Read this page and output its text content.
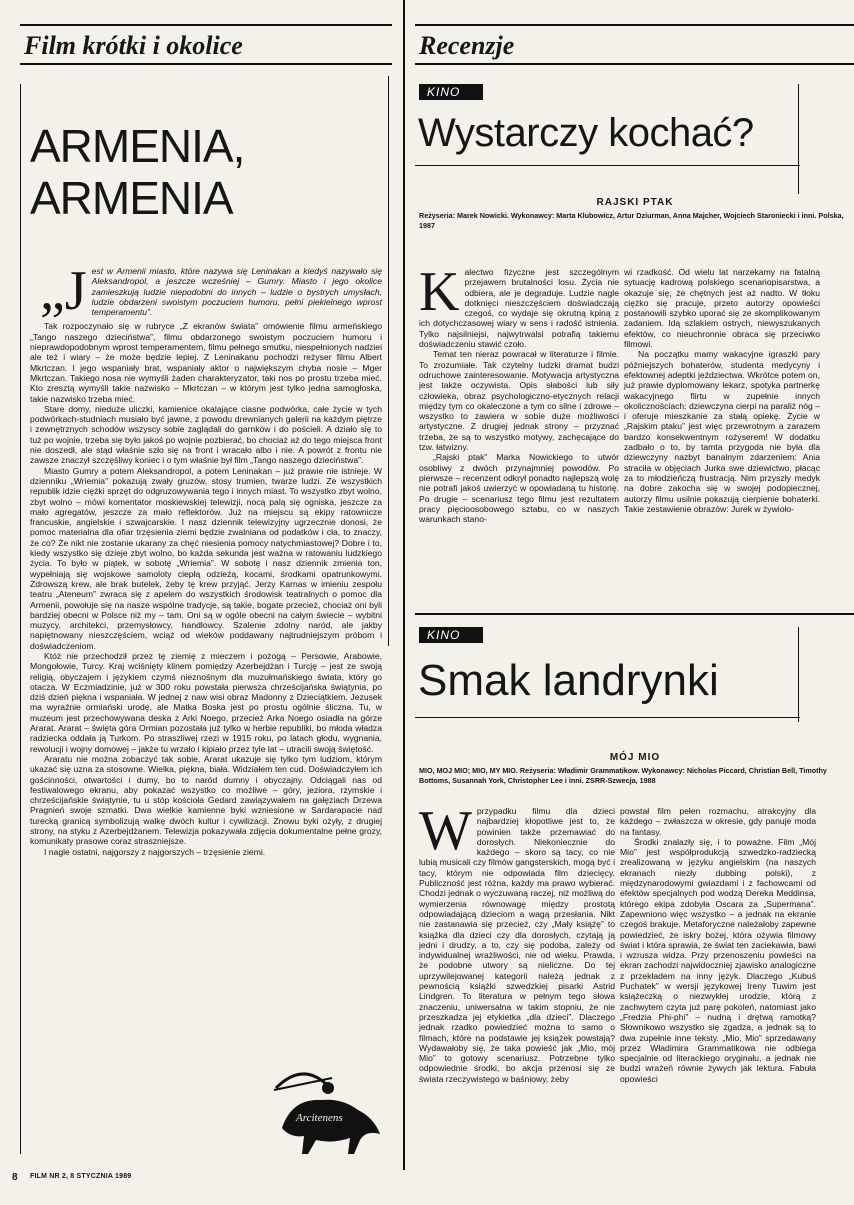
Film krótki i okolice	Recenzje
ARMENIA,
ARMENIA
„J est w Armenii miasto, które nazywa się Leninakan a kiedyś nazywało się Aleksandropol, a jeszcze wcześniej – Gumry. Miasto i jego okolice zamieszkują ludzie niepodobni do innych – ludzie o bystrych umysłach, ludzie obdarzeni swoistym poczuciem humoru, pełni piekielnego wprost temperamentu”.

Tak rozpoczynało się w rubryce „Z ekranów świata” omówienie filmu armeńskiego „Tango naszego dzieciństwa”, filmu obdarzonego swoistym poczuciem humoru i nieprawdopodobnym wprost temperamentem, filmu pełnego smutku, niespełnionych nadziei ale też i wiary – że może będzie lepiej. Z Leninakanu pochodzi reżyser filmu Albert Mkrtczan. I jego wspaniały brat, wspaniały aktor o największym chyba nosie – Mger Mkrtczan. Takiego nosa nie wymyśli żaden charakteryzator, taki nos po prostu trzeba mieć. Kto zresztą wymyśli takie nazwisko – Mkrtczan – w którym jest tylko jedna samogłoska, takie nazwisko trzeba mieć.

Stare domy, nieduże uliczki, kamienice okalające ciasne podwórka, całe życie w tych podwórkach-studniach musiało być jawne, z powodu drewnianych galerii na każdym piętrze i zewnętrznych schodów wszyscy sobie zaglądali do garnków i do pościeli. A działo się to tuż po wojnie, trzeba się było jakoś po wojnie pozbierać, bo chociaż aż do tego miejsca front nie doszedł, ale stąd właśnie szło się na front i wracało albo i nie. A powrót z frontu nie zawsze znaczył szczęśliwy koniec i o tym właśnie był film „Tango naszego dzieciństwa”.

Miasto Gumry a potem Aleksandropol, a potem Leninakan – już prawie nie istnieje. W dzienniku „Wriemia” pokazują zwały gruzów, stosy trumien, twarze ludzi. Ze wszystkich republik idzie ciężki sprzęt do odgruzowywania tego i innych miast. To wszystko zbyt wolno, zbyt wolno – mówi komentator moskiewskiej telewizji, nocą palą się ogniska, jeszcze za mało agregatów, jeszcze za mało reflektorów. Już na miejscu są ekipy ratownicze francuskie, angielskie i szwajcarskie. I nasz dziennik telewizyjny ugrzecznie donosi, że pomoc materialna dla ofiar trzęsienia ziemi będzie zwalniana od podatków i cła, to znaczy, że co? Że nikt nie zostanie ukarany za chęć niesienia pomocy natychmiastowej? Dobre i to, kiedy wszystko się dzieje zbyt wolno, bo każda sekunda jest ważna w ratowaniu ludzkiego życia. To było w piątek, w sobotę „Wriemia”. W sobotę i nasz dziennik zmienia ton, wypełniają się wojskowe samoloty ciepłą odzieżą, kocami, środkami opatrunkowymi. Zdrowszą krew, ale brak butelek, żeby tę krew przyjąć. Jerzy Karnas w imieniu zespołu teatru „Ateneum” zwraca się z apelem do wszystkich środowisk teatralnych o pomoc dla Armenii, powołuje się na nasze wspólne tradycje, są takie, bogate przecież, chociaż oni byli bardziej obecni w Polsce niż my – tam. Oni są w ogóle obecni na całym świecie – wybitni muzycy, architekci, przemysłowcy, handlowcy. Szalenie zdolny naród, ale jakby napiętnowany nieszczęściem, wciąż od wieków poddawany najtrudniejszym próbom i doświadczeniom.

Któż nie przechodził przez tę ziemię z mieczem i pożogą – Persowie, Arabowie, Mongołowie, Turcy. Kraj wciśnięty klinem pomiędzy Azerbejdżan i Turcję – jest ze swoją religią, obyczajem i językiem czymś nieznośnym dla muzułmańskiego świata, który go otacza. W Eczmiadzinie, już w 300 roku powstała pierwsza chrześcijańska świątynia, po dziś dzień piękna i wspaniała. W jednej z naw wisi obraz Madonny z Dzieciątkiem. Jezusek ma wyraźnie ormiański urodę, ale Matka Boska jest po prostu ogólnie śliczna. Tu, w muzeum jest przechowywana deska z Arki Noego, przecież Arka Noego osiadła na górze Ararat. Ararat – święta góra Ormian pozostała już tylko w herbie republiki, bo młoda władza radziecka oddała ją Turkom. Po straszliwej rzezi w 1915 roku, po latach głodu, wygnania, rewolucji i wojny domowej – jakże tu wrzało i kipiało przez tyle lat – utracili swoją świętość.

Araratu nie można zobaczyć tak sobie, Ararat ukazuje się tylko tym ludziom, którym ukazać się uzna za stosowne. Wielka, piękna, biała. Widziałem ten cud. Doświadczyłem ich gościnności, otwartości i dumy, bo to naród dumny i obyczajny. Odciągali nas od festiwalowego ekranu, aby pokazać wszystko co możliwe – góry, jeziora, rzymskie i chrześcijańskie świątynie, tu u stóp kościoła Gedard zawiązywałem na gałęziach Drzewa Pragnień swoje szmatki. Dwa wielkie kamienne byki wzniesione w Sardarapacie nad turecką granicą symbolizują walkę dwóch kultur i cywilizacji. Znowu byki ożyły, z drugiej strony, na styku z Azerbejdżanem. Telewizja pokazywała zdjęcia dokumentalne pełne grozy, komunikaty prasowe coraz straszniejsze.

I nagle ostatni, najgorszy z najgorszych – trzęsienie ziemi.

Arcitenens
KINO
Wystarczy kochać?
RAJSKI PTAK
Reżyseria: Marek Nowicki. Wykonawcy: Marta Klubowicz, Artur Dziurman, Anna Majcher, Wojciech Staroniecki i inni. Polska, 1987
K alectwo fizyczne jest szczególnym przejawem brutalności losu. Życia nie odbiera, ale je degraduje. Ludzie nagle dotknięci nieszczęściem doświadczają czegoś, co wydaje się okrutną kpiną z ich dotychczasowej wiary w sens i radość istnienia. Tylko najsilniejsi, najwytrwalsi potrafią takiemu doświadczeniu stawić czoło.

Temat ten nieraz powracał w literaturze i filmie. To zrozumiałe. Tak czytelny ludzki dramat budzi odruchowe zainteresowanie. Motywacja artystyczna jest także oczywista. Opis słabości lub siły człowieka, obraz psychologiczno-etycznych relacji między tym co okaleczone a tym co silne i zdrowe – wszystko to zawiera w sobie duże możliwości artystyczne. Z drugiej jednak strony – przyznać trzeba, że są to wszystko motywy, zachęcające do tzw. łatwizny.

„Rajski ptak” Marka Nowickiego to utwór osobliwy z dwóch przynajmniej powodów. Po pierwsze – recenzent odkrył ponadto najlepszą wolę nie potrafi jakoś uwierzyć w opowiadaną tu historię. Po drugie – scenariusz tego filmu jest rezultatem pracy pięcioosobowego sztabu, co w naszych warunkach stano-

wi rzadkość. Od wielu lat narzekamy na fatalną sytuację kadrową polskiego scenariopisarstwa, a okazuje się, że chętnych jest aż nadto. W tłoku ciężko się pracuje, przeto autorzy opowieści postanowili szybko uporać się ze skomplikowanym zadaniem. Idą szlakiem ostrych, niewyszukanych efektów, co nieuchronnie obraca się przeciwko filmowi.

Na początku mamy wakacyjne igraszki pary późniejszych bohaterów, studenta medycyny i efektownej adeptki jeździectwa. Wkrótce potem on, już prawie dyplomowany lekarz, spotyka partnerkę wakacyjnego flirtu w zupełnie innych okolicznościach: dziewczyna cierpi na paraliż nóg – i oferuje mieszkanie za stałą opiekę. Życie w „Rajskim ptaku” jest więc przewrotnym a zarazem bardzo konsekwentnym rożyserem! W dodatku zadbało o to, by tamta przygoda nie była dla dziewczyny nazbyt banalnym zdarzeniem: Ania straciła w objęciach Jurka swe dziewictwo, płacąc za to młodzieńczą frustracją. Nim przyszły medyk na dobre zakocha się w swojej podopiecznej, autorzy filmu usilnie pokazują cierpienie bohaterki. Takie zestawienie obrazów: Jurek w żywioło-

KINO
Smak landrynki
MÓJ MIO
MIO, MOJ MIO; MIO, MY MIO. Reżyseria: Władimir Grammatikow. Wykonawcy: Nicholas Piccard, Christian Bell, Timothy Bottoms, Susannah York, Christopher Lee i inni. ZSRR-Szwecja, 1988
W przypadku filmu dla dzieci najbardziej kłopotliwe jest to, że powinien także przemawiać do dorosłych. Niekoniecznie do każdego – skoro są tacy, co nie lubią musicali czy filmów gangsterskich, mogą być i tacy, którym nie odpowiada film dziecięcy. Publiczność jest różna, każdy ma prawo wybierać. Chodzi jednak o wyczuwaną raczej, niż możliwą do wymierzenia równowagę między prostotą odpowiadającą dzieciom a wagą przesłania. Nikt nie zastanawia się przecież, czy „Mały książę” to książka dla dzieci czy dla dorosłych, czytają ją jedni i drudzy, a to, czy się podoba, zależy od indywidualnej wrażliwości, nie od wieku. Prawda, że podobne utwory są nieliczne. Do tej uprzywilejowanej kategorii należą jednak z pewnością książki szwedzkiej pisarki Astrid Lindgren. To literatura w pełnym tego słowa znaczeniu, uniwersalna w takim stopniu, że nie przeszkadza jej etykietka „dla dzieci”. Dlaczego jednak rzadko powiedzieć można to samo o filmach, które na podstawie jej książek powstają? Wydawałoby się, że taka powieść jak „Mio, mój Mio” to gotowy scenariusz. Potrzebne tylko odpowiednie środki, bo akcja przenosi się ze świata rzeczywistego w baśniowy, żeby

powstał film pełen rozmachu, atrakcyjny dla każdego – zwłaszcza w okresie, gdy panuje moda na fantasy.

Środki znalazły się, i to poważne. Film „Mój Mio” jest współprodukcją szwedzko-radziecką zrealizowaną w języku angielskim (na naszych ekranach niezły dubbing polski), z międzynarodowymi gwiazdami i z fachowcami od efektów specjalnych pod wodzą Dereka Meddinsa, którego ekipa zdobyła Oscara za „Supermana”. Zapewniono więc wszystko – a jednak na ekranie czegoś brakuje. Metaforyczne należałoby zapewne powiedzieć, że iskry bożej, która ożywia filmowy świat i która sprawia, że świat ten zaciekawia, bawi i wzrusza widza. Przy przenoszeniu powieści na ekran zachodzi najwidoczniej zjawisko analogiczne z przekładem na inny język. Dlaczego „Kubuś Puchatek” w wersji językowej Ireny Tuwim jest książeczką o niezwykłej urodzie, którą z zachwytem czyta już parę pokoleń, natomiast jako „Fredzia Phi-phi” – nudną i drętwą ramotką? Słownikowo wszystko się zgadza, a jednak są to dwa zupełnie inne teksty. „Mio, Mio” sprzedawany przez Władimira Grammatikowa nie odbiega specjalnie od literackiego oryginału, a jednak nie budzi wrażeń równie żywych jak lektura. Fabuła opowieści

8 FILM NR 2, 8 STYCZNIA 1989
